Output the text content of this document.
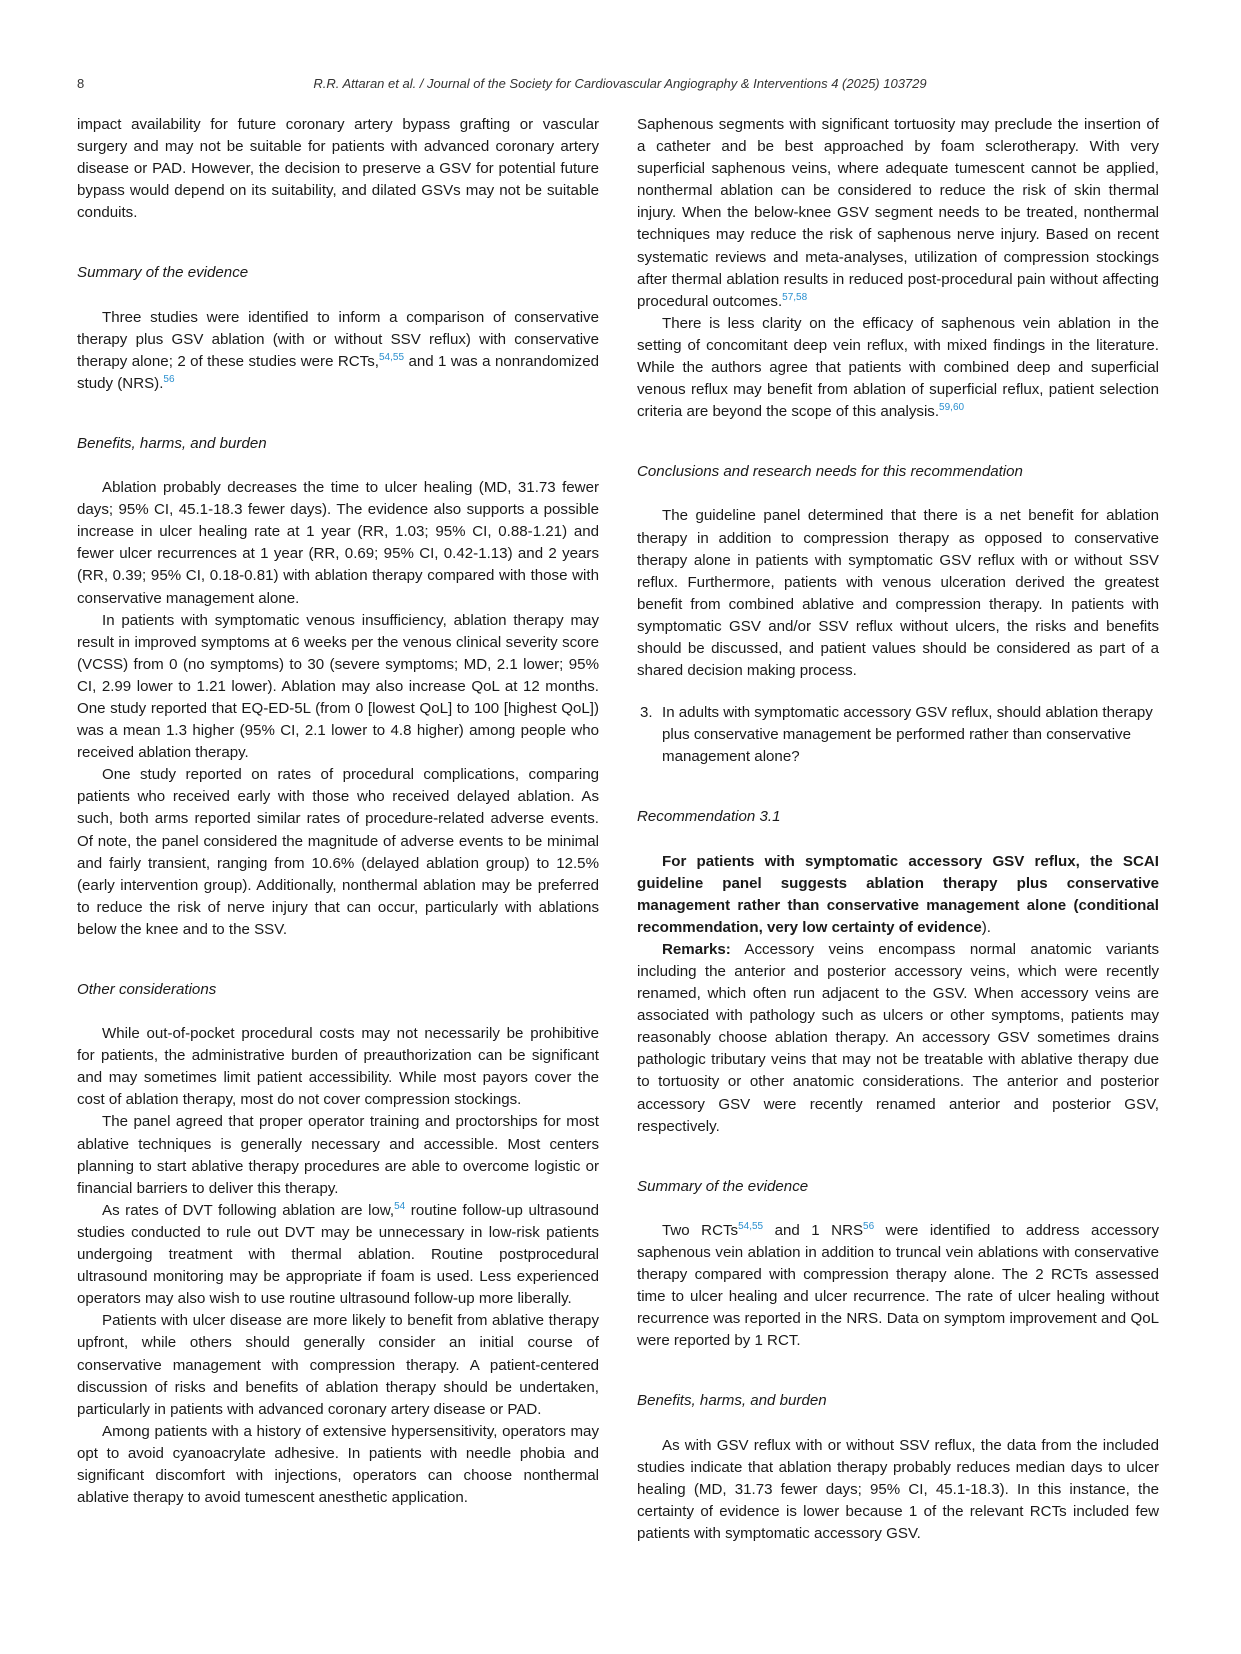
8	R.R. Attaran et al. / Journal of the Society for Cardiovascular Angiography & Interventions 4 (2025) 103729

impact availability for future coronary artery bypass grafting or vascular surgery and may not be suitable for patients with advanced coronary artery disease or PAD. However, the decision to preserve a GSV for potential future bypass would depend on its suitability, and dilated GSVs may not be suitable conduits.

Summary of the evidence

Three studies were identified to inform a comparison of conservative therapy plus GSV ablation (with or without SSV reflux) with conservative therapy alone; 2 of these studies were RCTs,$^{54,55}$ and 1 was a nonrandomized study (NRS).$^{56}$

Benefits, harms, and burden

Ablation probably decreases the time to ulcer healing (MD, 31.73 fewer days; 95% CI, 45.1-18.3 fewer days). The evidence also supports a possible increase in ulcer healing rate at 1 year (RR, 1.03; 95% CI, 0.88-1.21) and fewer ulcer recurrences at 1 year (RR, 0.69; 95% CI, 0.42-1.13) and 2 years (RR, 0.39; 95% CI, 0.18-0.81) with ablation therapy compared with those with conservative management alone.

In patients with symptomatic venous insufficiency, ablation therapy may result in improved symptoms at 6 weeks per the venous clinical severity score (VCSS) from 0 (no symptoms) to 30 (severe symptoms; MD, 2.1 lower; 95% CI, 2.99 lower to 1.21 lower). Ablation may also increase QoL at 12 months. One study reported that EQ-ED-5L (from 0 [lowest QoL] to 100 [highest QoL]) was a mean 1.3 higher (95% CI, 2.1 lower to 4.8 higher) among people who received ablation therapy.

One study reported on rates of procedural complications, comparing patients who received early with those who received delayed ablation. As such, both arms reported similar rates of procedure-related adverse events. Of note, the panel considered the magnitude of adverse events to be minimal and fairly transient, ranging from 10.6% (delayed ablation group) to 12.5% (early intervention group). Additionally, nonthermal ablation may be preferred to reduce the risk of nerve injury that can occur, particularly with ablations below the knee and to the SSV.

Other considerations

While out-of-pocket procedural costs may not necessarily be prohibitive for patients, the administrative burden of preauthorization can be significant and may sometimes limit patient accessibility. While most payors cover the cost of ablation therapy, most do not cover compression stockings.

The panel agreed that proper operator training and proctorships for most ablative techniques is generally necessary and accessible. Most centers planning to start ablative therapy procedures are able to overcome logistic or financial barriers to deliver this therapy.

As rates of DVT following ablation are low,$^{54}$ routine follow-up ultrasound studies conducted to rule out DVT may be unnecessary in low-risk patients undergoing treatment with thermal ablation. Routine postprocedural ultrasound monitoring may be appropriate if foam is used. Less experienced operators may also wish to use routine ultrasound follow-up more liberally.

Patients with ulcer disease are more likely to benefit from ablative therapy upfront, while others should generally consider an initial course of conservative management with compression therapy. A patient-centered discussion of risks and benefits of ablation therapy should be undertaken, particularly in patients with advanced coronary artery disease or PAD.

Among patients with a history of extensive hypersensitivity, operators may opt to avoid cyanoacrylate adhesive. In patients with needle phobia and significant discomfort with injections, operators can choose nonthermal ablative therapy to avoid tumescent anesthetic application.

Saphenous segments with significant tortuosity may preclude the insertion of a catheter and be best approached by foam sclerotherapy. With very superficial saphenous veins, where adequate tumescent cannot be applied, nonthermal ablation can be considered to reduce the risk of skin thermal injury. When the below-knee GSV segment needs to be treated, nonthermal techniques may reduce the risk of saphenous nerve injury. Based on recent systematic reviews and meta-analyses, utilization of compression stockings after thermal ablation results in reduced post-procedural pain without affecting procedural outcomes.$^{57,58}$

There is less clarity on the efficacy of saphenous vein ablation in the setting of concomitant deep vein reflux, with mixed findings in the literature. While the authors agree that patients with combined deep and superficial venous reflux may benefit from ablation of superficial reflux, patient selection criteria are beyond the scope of this analysis.$^{59,60}$

Conclusions and research needs for this recommendation

The guideline panel determined that there is a net benefit for ablation therapy in addition to compression therapy as opposed to conservative therapy alone in patients with symptomatic GSV reflux with or without SSV reflux. Furthermore, patients with venous ulceration derived the greatest benefit from combined ablative and compression therapy. In patients with symptomatic GSV and/or SSV reflux without ulcers, the risks and benefits should be discussed, and patient values should be considered as part of a shared decision making process.

3. In adults with symptomatic accessory GSV reflux, should ablation therapy plus conservative management be performed rather than conservative management alone?

Recommendation 3.1

For patients with symptomatic accessory GSV reflux, the SCAI guideline panel suggests ablation therapy plus conservative management rather than conservative management alone (conditional recommendation, very low certainty of evidence).

Remarks: Accessory veins encompass normal anatomic variants including the anterior and posterior accessory veins, which were recently renamed, which often run adjacent to the GSV. When accessory veins are associated with pathology such as ulcers or other symptoms, patients may reasonably choose ablation therapy. An accessory GSV sometimes drains pathologic tributary veins that may not be treatable with ablative therapy due to tortuosity or other anatomic considerations. The anterior and posterior accessory GSV were recently renamed anterior and posterior GSV, respectively.

Summary of the evidence

Two RCTs$^{54,55}$ and 1 NRS$^{56}$ were identified to address accessory saphenous vein ablation in addition to truncal vein ablations with conservative therapy compared with compression therapy alone. The 2 RCTs assessed time to ulcer healing and ulcer recurrence. The rate of ulcer healing without recurrence was reported in the NRS. Data on symptom improvement and QoL were reported by 1 RCT.

Benefits, harms, and burden

As with GSV reflux with or without SSV reflux, the data from the included studies indicate that ablation therapy probably reduces median days to ulcer healing (MD, 31.73 fewer days; 95% CI, 45.1-18.3). In this instance, the certainty of evidence is lower because 1 of the relevant RCTs included few patients with symptomatic accessory GSV.
